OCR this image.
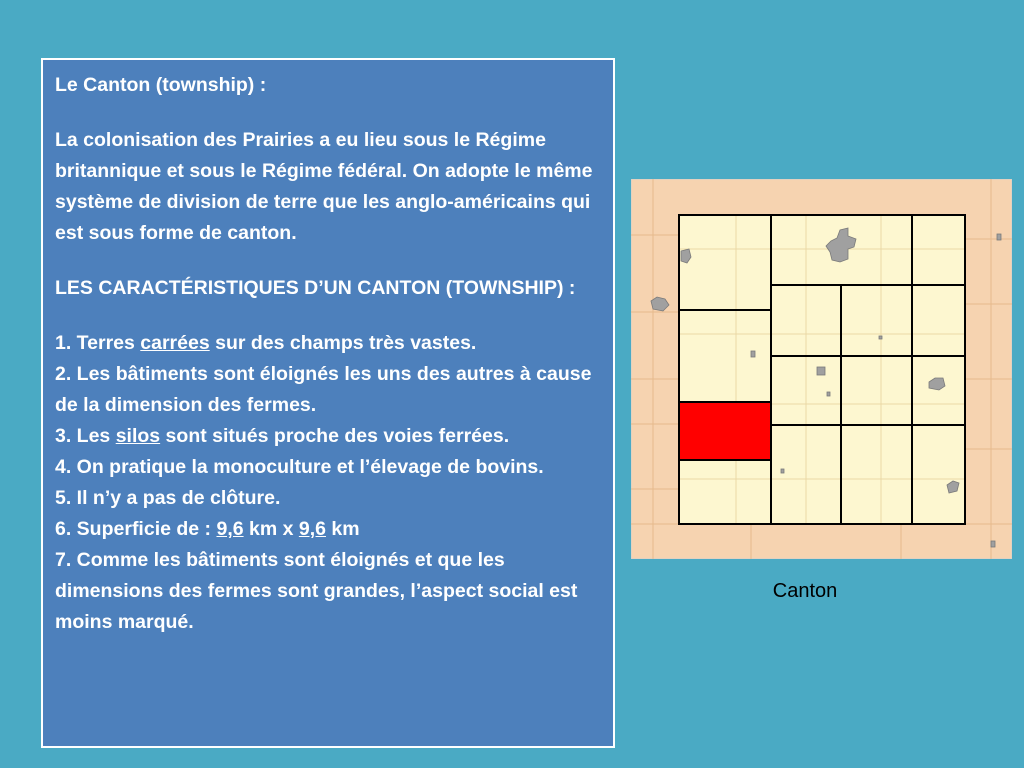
Le Canton (township) :

La colonisation des Prairies a eu lieu sous le Régime britannique et sous le Régime fédéral. On adopte le même système de division de terre que les anglo-américains qui est sous forme de canton.

LES CARACTÉRISTIQUES D’UN CANTON (TOWNSHIP) :

1. Terres carrées sur des champs très vastes.

2. Les bâtiments sont éloignés les uns des autres à cause de la dimension des fermes.

3. Les silos sont situés proche des voies ferrées.

4. On pratique la monoculture et l’élevage de bovins.

5. Il n’y a pas de clôture.

6. Superficie de : 9,6 km x 9,6 km

7. Comme les bâtiments sont éloignés et que les dimensions des fermes sont grandes, l’aspect social est moins marqué.

Canton
